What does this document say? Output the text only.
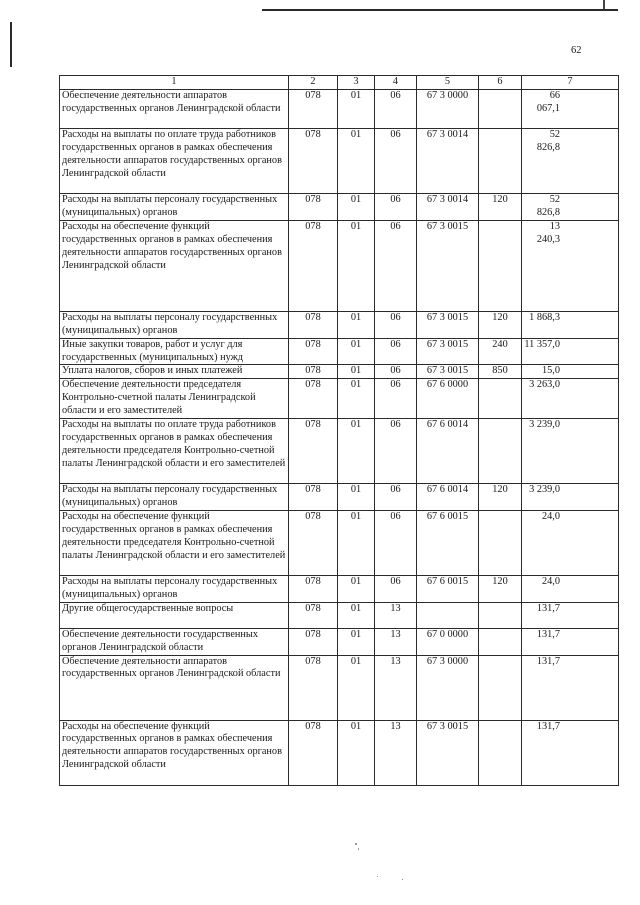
62
1	2	3	4	5	6	7
Обеспечение деятельности аппаратов государственных органов Ленинградской области	078	01	06	67 3 0000		66 067,1
Расходы на выплаты по оплате труда работников государственных органов в рамках обеспечения деятельности аппаратов государственных органов Ленинградской области	078	01	06	67 3 0014		52 826,8
Расходы на выплаты персоналу государственных (муниципальных) органов	078	01	06	67 3 0014	120	52 826,8
Расходы на обеспечение функций государственных органов в рамках обеспечения деятельности аппаратов государственных органов Ленинградской области	078	01	06	67 3 0015		13 240,3
Расходы на выплаты персоналу государственных (муниципальных) органов	078	01	06	67 3 0015	120	1 868,3
Иные закупки товаров, работ и услуг для государственных (муниципальных) нужд	078	01	06	67 3 0015	240	11 357,0
Уплата налогов, сборов и иных платежей	078	01	06	67 3 0015	850	15,0
Обеспечение деятельности председателя Контрольно-счетной палаты Ленинградской области и его заместителей	078	01	06	67 6 0000		3 263,0
Расходы на выплаты по оплате труда работников государственных органов в рамках обеспечения деятельности председателя Контрольно-счетной палаты Ленинградской области и его заместителей	078	01	06	67 6 0014		3 239,0
Расходы на выплаты персоналу государственных (муниципальных) органов	078	01	06	67 6 0014	120	3 239,0
Расходы на обеспечение функций государственных органов в рамках обеспечения деятельности председателя Контрольно-счетной палаты Ленинградской области и его заместителей	078	01	06	67 6 0015		24,0
Расходы на выплаты персоналу государственных (муниципальных) органов	078	01	06	67 6 0015	120	24,0
Другие общегосударственные вопросы	078	01	13			131,7
Обеспечение деятельности государственных органов Ленинградской области	078	01	13	67 0 0000		131,7
Обеспечение деятельности аппаратов государственных органов Ленинградской области	078	01	13	67 3 0000		131,7
Расходы на обеспечение функций государственных органов в рамках обеспечения деятельности аппаратов государственных органов Ленинградской области	078	01	13	67 3 0015		131,7
